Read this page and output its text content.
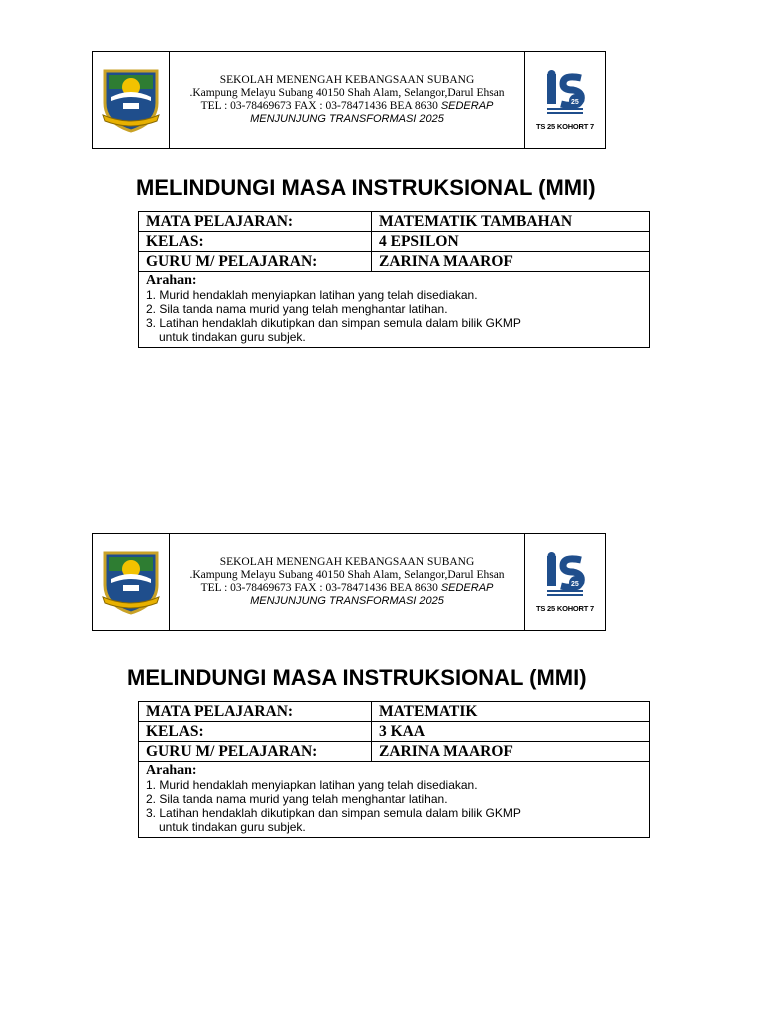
SEKOLAH MENENGAH KEBANGSAAN SUBANG
.Kampung Melayu Subang 40150 Shah Alam, Selangor,Darul Ehsan
TEL : 03-78469673 FAX : 03-78471436 BEA 8630 SEDERAP
MENJUNJUNG TRANSFORMASI 2025
25
TS 25 KOHORT 7
MELINDUNGI MASA INSTRUKSIONAL (MMI)
MATA PELAJARAN:	MATEMATIK TAMBAHAN
KELAS:	4 EPSILON
GURU M/ PELAJARAN:	ZARINA MAAROF

Arahan:
1. Murid hendaklah menyiapkan latihan yang telah disediakan.
2. Sila tanda nama murid yang telah menghantar latihan.
3. Latihan hendaklah dikutipkan dan simpan semula dalam bilik GKMP
untuk tindakan guru subjek.	
SEKOLAH MENENGAH KEBANGSAAN SUBANG
.Kampung Melayu Subang 40150 Shah Alam, Selangor,Darul Ehsan
TEL : 03-78469673 FAX : 03-78471436 BEA 8630 SEDERAP
MENJUNJUNG TRANSFORMASI 2025
25
TS 25 KOHORT 7
MELINDUNGI MASA INSTRUKSIONAL (MMI)
MATA PELAJARAN:	MATEMATIK
KELAS:	3 KAA
GURU M/ PELAJARAN:	ZARINA MAAROF

Arahan:
1. Murid hendaklah menyiapkan latihan yang telah disediakan.
2. Sila tanda nama murid yang telah menghantar latihan.
3. Latihan hendaklah dikutipkan dan simpan semula dalam bilik GKMP
untuk tindakan guru subjek.	
